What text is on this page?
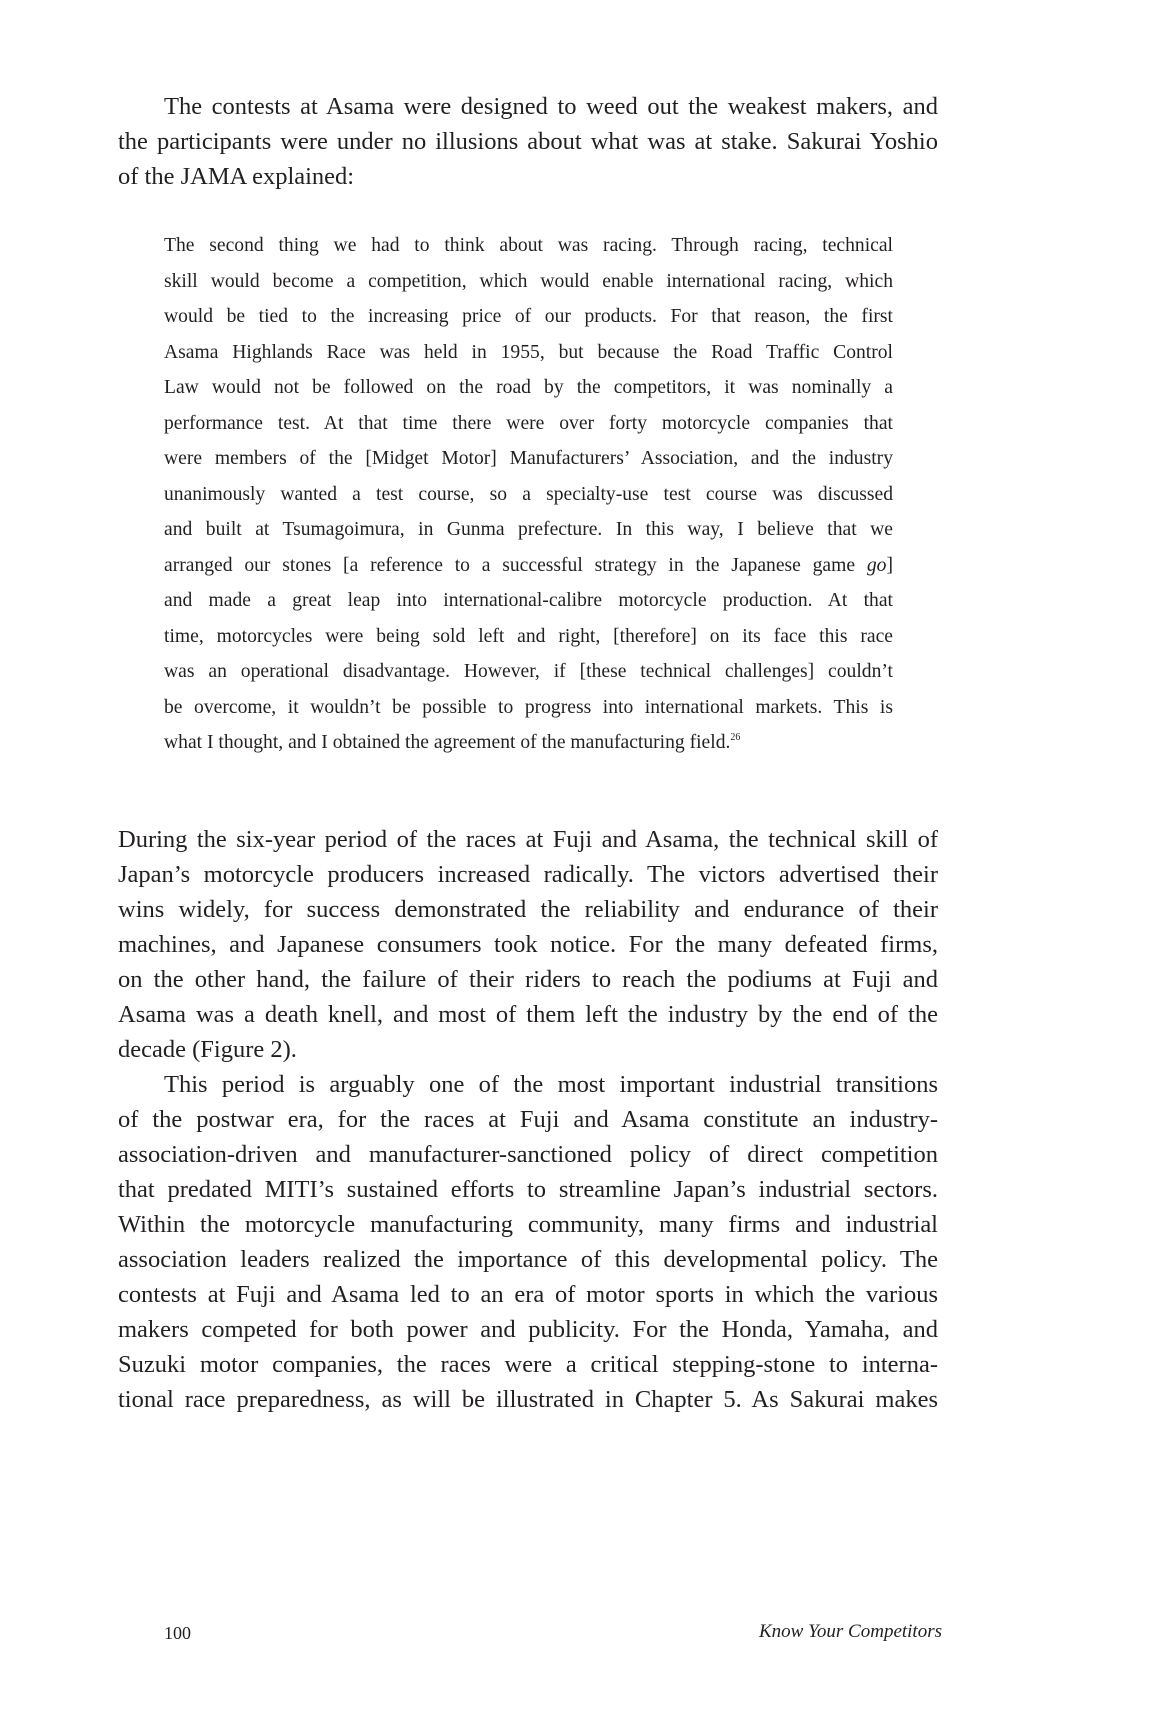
The contests at Asama were designed to weed out the weakest makers, and
the participants were under no illusions about what was at stake. Sakurai Yoshio
of the JAMA explained:
The second thing we had to think about was racing. Through racing, technical
skill would become a competition, which would enable international racing, which
would be tied to the increasing price of our products. For that reason, the first
Asama Highlands Race was held in 1955, but because the Road Traffic Control
Law would not be followed on the road by the competitors, it was nominally a
performance test. At that time there were over forty motorcycle companies that
were members of the [Midget Motor] Manufacturers’ Association, and the industry
unanimously wanted a test course, so a specialty-use test course was discussed
and built at Tsumagoimura, in Gunma prefecture. In this way, I believe that we
arranged our stones [a reference to a successful strategy in the Japanese game go]
and made a great leap into international-calibre motorcycle production. At that
time, motorcycles were being sold left and right, [therefore] on its face this race
was an operational disadvantage. However, if [these technical challenges] couldn’t
be overcome, it wouldn’t be possible to progress into international markets. This is
what I thought, and I obtained the agreement of the manufacturing field.$^{26}$
During the six-year period of the races at Fuji and Asama, the technical skill of
Japan’s motorcycle producers increased radically. The victors advertised their
wins widely, for success demonstrated the reliability and endurance of their
machines, and Japanese consumers took notice. For the many defeated firms,
on the other hand, the failure of their riders to reach the podiums at Fuji and
Asama was a death knell, and most of them left the industry by the end of the
decade (Figure 2).
This period is arguably one of the most important industrial transitions
of the postwar era, for the races at Fuji and Asama constitute an industry-
association-driven and manufacturer-sanctioned policy of direct competition
that predated MITI’s sustained efforts to streamline Japan’s industrial sectors.
Within the motorcycle manufacturing community, many firms and industrial
association leaders realized the importance of this developmental policy. The
contests at Fuji and Asama led to an era of motor sports in which the various
makers competed for both power and publicity. For the Honda, Yamaha, and
Suzuki motor companies, the races were a critical stepping-stone to interna-
tional race preparedness, as will be illustrated in Chapter 5. As Sakurai makes
100	Know Your Competitors
